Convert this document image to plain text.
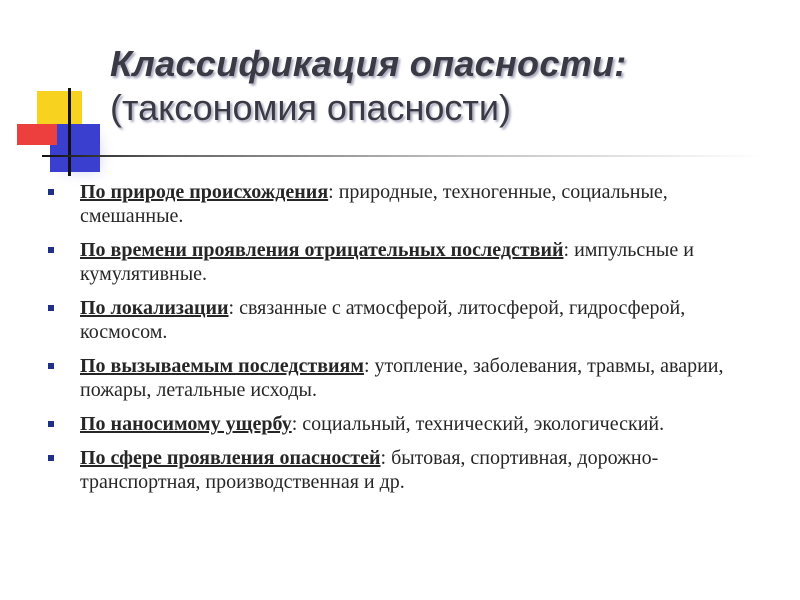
Классификация опасности:
(таксономия опасности)
По природе происхождения: природные, техногенные, социальные, смешанные.
По времени проявления отрицательных последствий: импульсные и кумулятивные.
По локализации: связанные с атмосферой, литосферой, гидросферой, космосом.
По вызываемым последствиям: утопление, заболевания, травмы, аварии, пожары, летальные исходы.
По наносимому ущербу: социальный, технический, экологический.
По сфере проявления опасностей: бытовая, спортивная, дорожно-транспортная, производственная и др.
